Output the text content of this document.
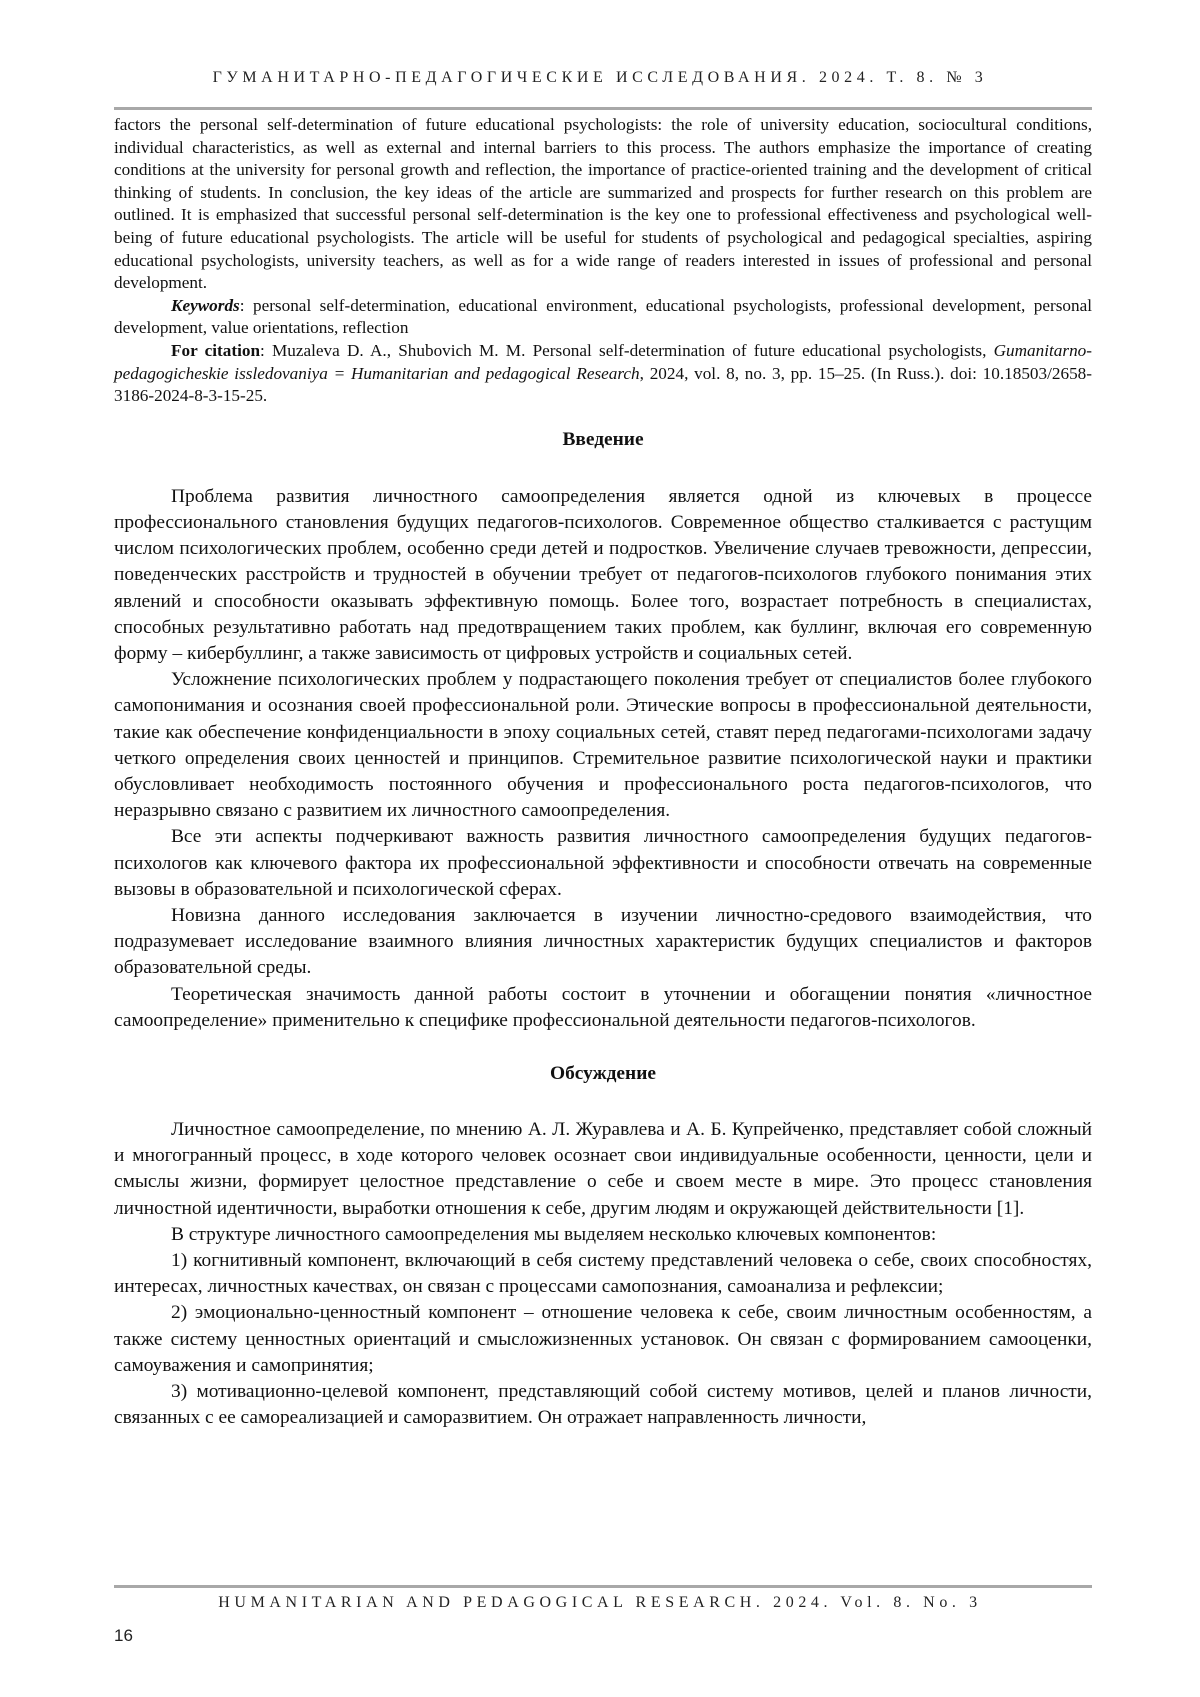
ГУМАНИТАРНО-ПЕДАГОГИЧЕСКИЕ ИССЛЕДОВАНИЯ. 2024. Т. 8. № 3

factors the personal self-determination of future educational psychologists: the role of university education, sociocultural conditions, individual characteristics, as well as external and internal barriers to this process. The authors emphasize the importance of creating conditions at the university for personal growth and reflection, the importance of practice-oriented training and the development of critical thinking of students. In conclusion, the key ideas of the article are summarized and prospects for further research on this problem are outlined. It is emphasized that successful personal self-determination is the key one to professional effectiveness and psychological well-being of future educational psychologists. The article will be useful for students of psychological and pedagogical specialties, aspiring educational psychologists, university teachers, as well as for a wide range of readers interested in issues of professional and personal development.

Keywords: personal self-determination, educational environment, educational psychologists, professional development, personal development, value orientations, reflection

For citation: Muzaleva D. A., Shubovich M. M. Personal self-determination of future educational psychologists, Gumanitarno-pedagogicheskie issledovaniya = Humanitarian and pedagogical Research, 2024, vol. 8, no. 3, pp. 15–25. (In Russ.). doi: 10.18503/2658-3186-2024-8-3-15-25.

Введение

Проблема развития личностного самоопределения является одной из ключевых в процессе профессионального становления будущих педагогов-психологов. Современное общество сталкивается с растущим числом психологических проблем, особенно среди детей и подростков. Увеличение случаев тревожности, депрессии, поведенческих расстройств и трудностей в обучении требует от педагогов-психологов глубокого понимания этих явлений и способности оказывать эффективную помощь. Более того, возрастает потребность в специалистах, способных результативно работать над предотвращением таких проблем, как буллинг, включая его современную форму – кибербуллинг, а также зависимость от цифровых устройств и социальных сетей.

Усложнение психологических проблем у подрастающего поколения требует от специалистов более глубокого самопонимания и осознания своей профессиональной роли. Этические вопросы в профессиональной деятельности, такие как обеспечение конфиденциальности в эпоху социальных сетей, ставят перед педагогами-психологами задачу четкого определения своих ценностей и принципов. Стремительное развитие психологической науки и практики обусловливает необходимость постоянного обучения и профессионального роста педагогов-психологов, что неразрывно связано с развитием их личностного самоопределения.

Все эти аспекты подчеркивают важность развития личностного самоопределения будущих педагогов-психологов как ключевого фактора их профессиональной эффективности и способности отвечать на современные вызовы в образовательной и психологической сферах.

Новизна данного исследования заключается в изучении личностно-средового взаимодействия, что подразумевает исследование взаимного влияния личностных характеристик будущих специалистов и факторов образовательной среды.

Теоретическая значимость данной работы состоит в уточнении и обогащении понятия «личностное самоопределение» применительно к специфике профессиональной деятельности педагогов-психологов.

Обсуждение

Личностное самоопределение, по мнению А. Л. Журавлева и А. Б. Купрейченко, представляет собой сложный и многогранный процесс, в ходе которого человек осознает свои индивидуальные особенности, ценности, цели и смыслы жизни, формирует целостное представление о себе и своем месте в мире. Это процесс становления личностной идентичности, выработки отношения к себе, другим людям и окружающей действительности [1].

В структуре личностного самоопределения мы выделяем несколько ключевых компонентов:

1) когнитивный компонент, включающий в себя систему представлений человека о себе, своих способностях, интересах, личностных качествах, он связан с процессами самопознания, самоанализа и рефлексии;

2) эмоционально-ценностный компонент – отношение человека к себе, своим личностным особенностям, а также систему ценностных ориентаций и смысложизненных установок. Он связан с формированием самооценки, самоуважения и самопринятия;

3) мотивационно-целевой компонент, представляющий собой систему мотивов, целей и планов личности, связанных с ее самореализацией и саморазвитием. Он отражает направленность личности,

HUMANITARIAN AND PEDAGOGICAL RESEARCH. 2024. Vol. 8. No. 3
16
